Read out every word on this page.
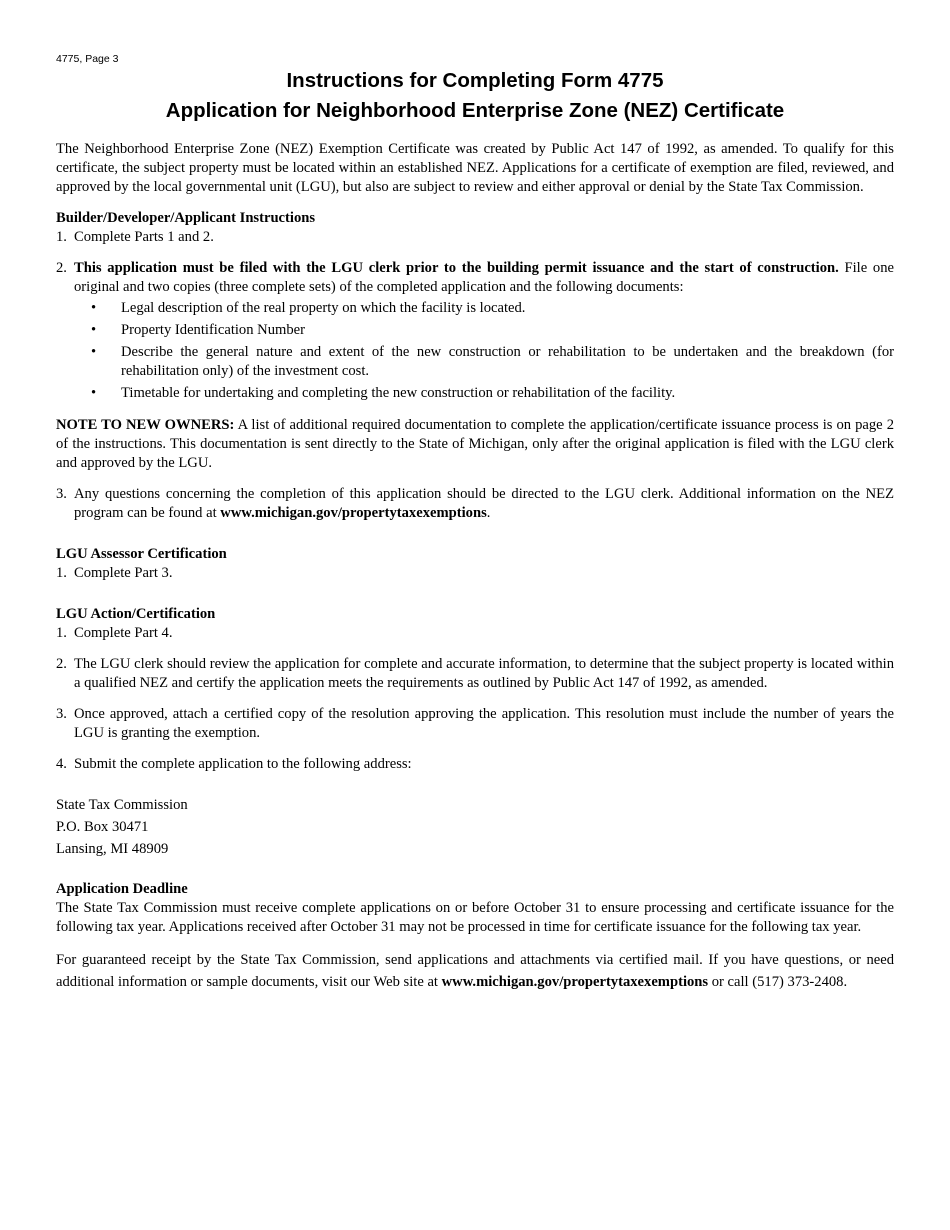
4775, Page 3

Instructions for Completing Form 4775
Application for Neighborhood Enterprise Zone (NEZ) Certificate

The Neighborhood Enterprise Zone (NEZ) Exemption Certificate was created by Public Act 147 of 1992, as amended. To qualify for this certificate, the subject property must be located within an established NEZ. Applications for a certificate of exemption are filed, reviewed, and approved by the local governmental unit (LGU), but also are subject to review and either approval or denial by the State Tax Commission.

Builder/Developer/Applicant Instructions
1. Complete Parts 1 and 2.
2. This application must be filed with the LGU clerk prior to the building permit issuance and the start of construction. File one original and two copies (three complete sets) of the completed application and the following documents:
•	Legal description of the real property on which the facility is located.
•	Property Identification Number
•	Describe the general nature and extent of the new construction or rehabilitation to be undertaken and the breakdown (for rehabilitation only) of the investment cost.
•	Timetable for undertaking and completing the new construction or rehabilitation of the facility.

NOTE TO NEW OWNERS: A list of additional required documentation to complete the application/certificate issuance process is on page 2 of the instructions. This documentation is sent directly to the State of Michigan, only after the original application is filed with the LGU clerk and approved by the LGU.

3. Any questions concerning the completion of this application should be directed to the LGU clerk. Additional information on the NEZ program can be found at www.michigan.gov/propertytaxexemptions.
LGU Assessor Certification
1. Complete Part 3.
LGU Action/Certification
1. Complete Part 4.
2. The LGU clerk should review the application for complete and accurate information, to determine that the subject property is located within a qualified NEZ and certify the application meets the requirements as outlined by Public Act 147 of 1992, as amended.
3. Once approved, attach a certified copy of the resolution approving the application. This resolution must include the number of years the LGU is granting the exemption.
4. Submit the complete application to the following address:
State Tax Commission
P.O. Box 30471
Lansing, MI 48909
Application Deadline

The State Tax Commission must receive complete applications on or before October 31 to ensure processing and certificate issuance for the following tax year. Applications received after October 31 may not be processed in time for certificate issuance for the following tax year.

For guaranteed receipt by the State Tax Commission, send applications and attachments via certified mail. If you have questions, or need additional information or sample documents, visit our Web site at www.michigan.gov/propertytaxexemptions or call (517) 373-2408.
